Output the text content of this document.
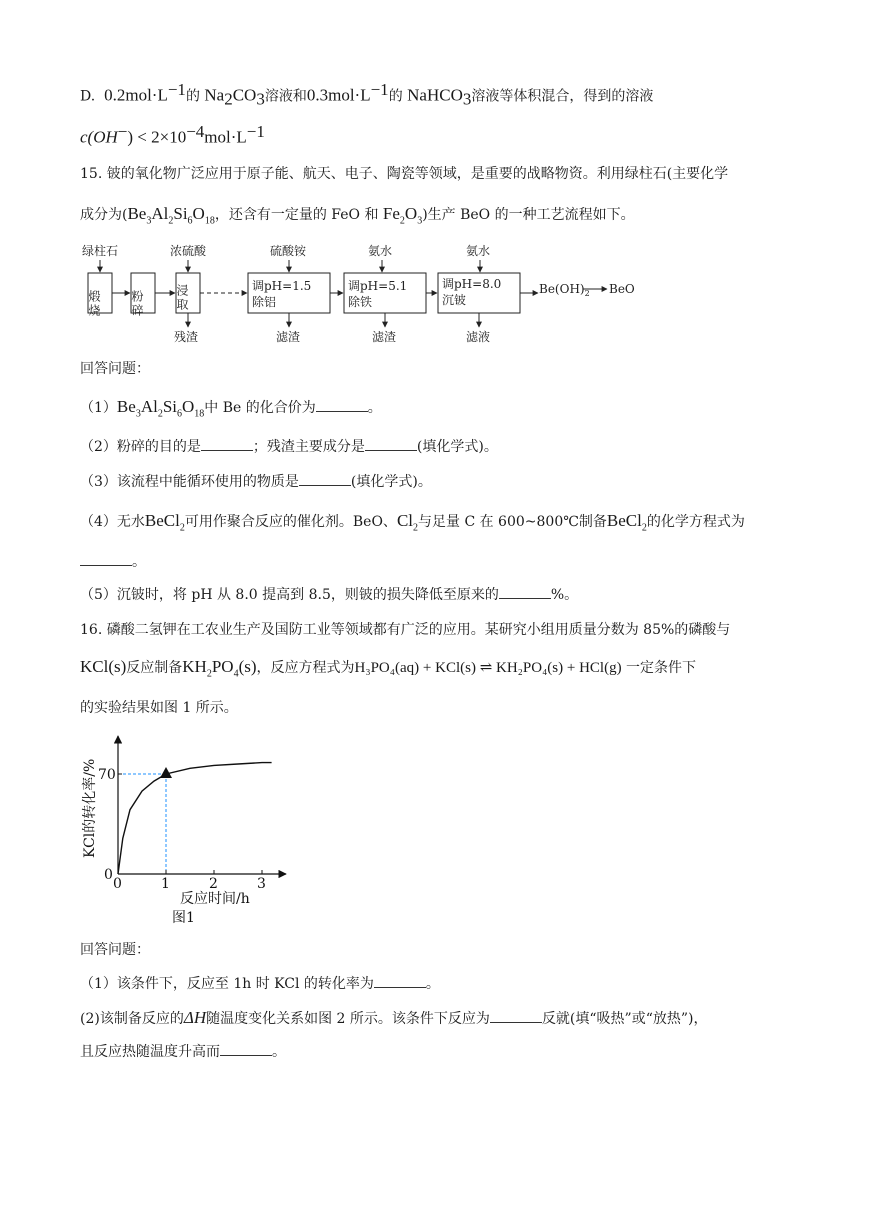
D. $0.2mol\cdot L^{-1}$的 $Na_2CO_3$溶液和$0.3mol\cdot L^{-1}$的 NaHCO$_3$溶液等体积混合，得到的溶液
$c(OH^-) < 2\times 10^{-4}mol\cdot L^{-1}$
15. 铍的氧化物广泛应用于原子能、航天、电子、陶瓷等领域，是重要的战略物资。利用绿柱石(主要化学
成分为($Be_3Al_2Si_6O_{18}$，还含有一定量的 FeO 和 $Fe_2O_3$)生产 BeO 的一种工艺流程如下。
绿柱石	浓硫酸	硫酸铵	氨水	氨水
煅烧 粉碎	浸取	调pH=1.5
除铝
调pH=5.1
除铁
调pH=8.0
沉铍
$Be(OH)_2$ BeO
残渣	滤渣	滤渣	滤液
回答问题：
$(1)Be_3Al_2Si_6O_{18}$中 Be 的化合价为	。
（2）粉碎的目的是	；残渣主要成分是	(填化学式)。
（3）该流程中能循环使用的物质是	(填化学式)。
（4）无水BeCl$_2$可用作聚合反应的催化剂。BeO、$Cl_2$与足量 C 在 600~800℃制备BeCl$_2$的化学方程式为
。
（5）沉铍时，将 pH 从 8.0 提高到 8.5，则铍的损失降低至原来的	%。
16. 磷酸二氢钾在工农业生产及国防工业等领域都有广泛的应用。某研究小组用质量分数为 85%的磷酸与
KCl(s)反应制备$KH_2PO_4(s)$，反应方程式为H₃PO₄(aq) + KCl(s) ⇌ KH₂PO₄(s) + HCl(g) 一定条件下
的实验结果如图 1 所示。
0	1	2	3
0
70
KCl的转化率/%
反应时间/h
图1
回答问题：
（1）该条件下，反应至 1h 时 KCl 的转化率为	。
(2)该制备反应的ΔH随温度变化关系如图 2 所示。该条件下反应为	反就(填“吸热”或“放热”)，
且反应热随温度升高而	。
